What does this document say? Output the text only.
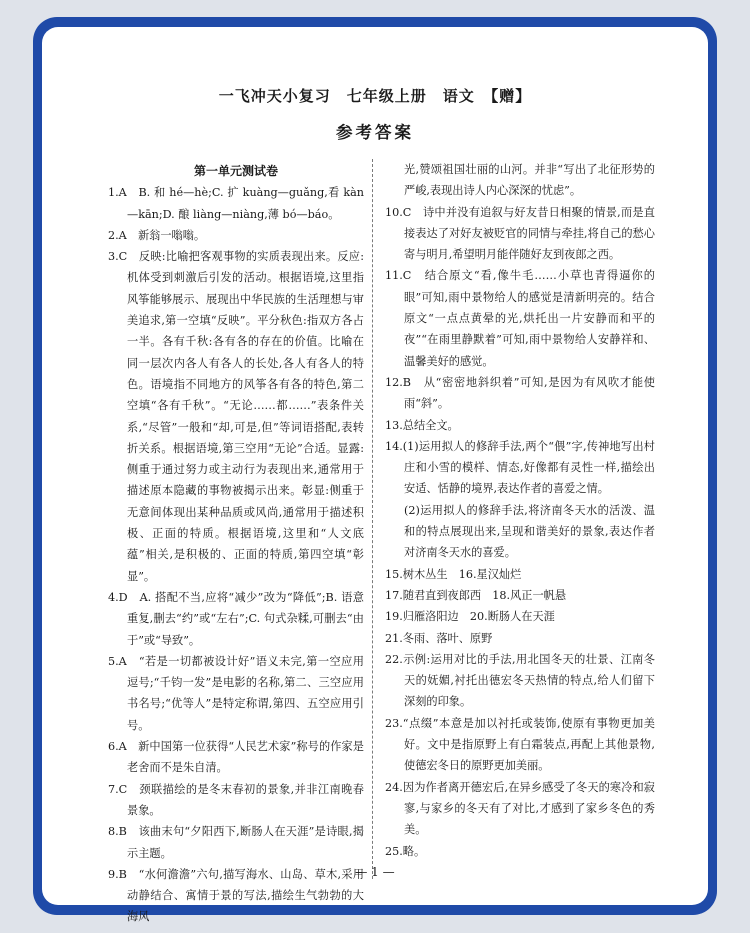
一飞冲天小复习　七年级上册　语文　【赠】
参考答案
第一单元测试卷

1.A　B. 和 hé—hè;C. 扩 kuàng—guǎng,看 kàn—kān;D. 酿 liàng—niàng,薄 bó—báo。

2.A　新翁一嗡嗡。

3.C　反映:比喻把客观事物的实质表现出来。反应:机体受到刺激后引发的活动。根据语境,这里指风筝能够展示、展现出中华民族的生活理想与审美追求,第一空填“反映”。平分秋色:指双方各占一半。各有千秋:各有各的存在的价值。比喻在同一层次内各人有各人的长处,各人有各人的特色。语境指不同地方的风筝各有各的特色,第二空填“各有千秋”。“无论……都……”表条件关系,“尽管”一般和“却,可是,但”等词语搭配,表转折关系。根据语境,第三空用“无论”合适。显露:侧重于通过努力或主动行为表现出来,通常用于描述原本隐藏的事物被揭示出来。彰显:侧重于无意间体现出某种品质或风尚,通常用于描述积极、正面的特质。根据语境,这里和“人文底蕴”相关,是积极的、正面的特质,第四空填“彰显”。

4.D　A. 搭配不当,应将“减少”改为“降低”;B. 语意重复,删去“约”或“左右”;C. 句式杂糅,可删去“由于”或“导致”。

5.A　“若是一切都被设计好”语义未完,第一空应用逗号;“千钧一发”是电影的名称,第二、三空应用书名号;“优等人”是特定称谓,第四、五空应用引号。

6.A　新中国第一位获得“人民艺术家”称号的作家是老舍而不是朱自清。

7.C　颈联描绘的是冬末春初的景象,并非江南晚春景象。

8.B　该曲末句“夕阳西下,断肠人在天涯”是诗眼,揭示主题。

9.B　“水何澹澹”六句,描写海水、山岛、草木,采用动静结合、寓情于景的写法,描绘生气勃勃的大海风

光,赞颂祖国壮丽的山河。并非“写出了北征形势的严峻,表现出诗人内心深深的忧虑”。

10.C　诗中并没有追叙与好友昔日相聚的情景,而是直接表达了对好友被贬官的同情与牵挂,将自己的愁心寄与明月,希望明月能伴随好友到夜郎之西。

11.C　结合原文“看,像牛毛……小草也青得逼你的眼”可知,雨中景物给人的感觉是清新明亮的。结合原文“一点点黄晕的光,烘托出一片安静而和平的夜”“在雨里静默着”可知,雨中景物给人安静祥和、温馨美好的感觉。

12.B　从“密密地斜织着”可知,是因为有风吹才能使雨“斜”。

13.总结全文。

14.(1)运用拟人的修辞手法,两个“偎”字,传神地写出村庄和小雪的模样、情态,好像都有灵性一样,描绘出安适、恬静的境界,表达作者的喜爱之情。

(2)运用拟人的修辞手法,将济南冬天水的活泼、温和的特点展现出来,呈现和谐美好的景象,表达作者对济南冬天水的喜爱。

15.树木丛生　16.星汉灿烂

17.随君直到夜郎西　18.风正一帆悬

19.归雁洛阳边　20.断肠人在天涯

21.冬雨、落叶、原野

22.示例:运用对比的手法,用北国冬天的壮景、江南冬天的妩媚,衬托出德宏冬天热情的特点,给人们留下深刻的印象。

23.“点缀”本意是加以衬托或装饰,使原有事物更加美好。文中是指原野上有白霜装点,再配上其他景物,使德宏冬日的原野更加美丽。

24.因为作者离开德宏后,在异乡感受了冬天的寒冷和寂寥,与家乡的冬天有了对比,才感到了家乡冬色的秀美。

25.略。

— 1 —
